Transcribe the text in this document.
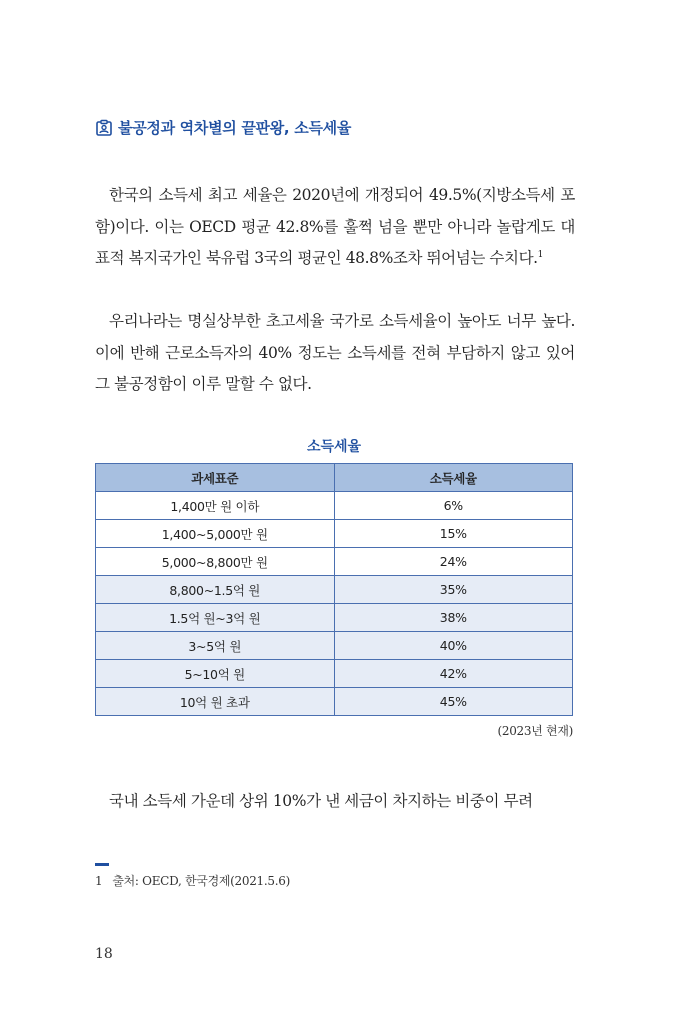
불공정과 역차별의 끝판왕, 소득세율

한국의 소득세 최고 세율은 2020년에 개정되어 49.5%(지방소득세 포함)이다. 이는 OECD 평균 42.8%를 훌쩍 넘을 뿐만 아니라 놀랍게도 대표적 복지국가인 북유럽 3국의 평균인 48.8%조차 뛰어넘는 수치다.$^1$

우리나라는 명실상부한 초고세율 국가로 소득세율이 높아도 너무 높다. 이에 반해 근로소득자의 40% 정도는 소득세를 전혀 부담하지 않고 있어 그 불공정함이 이루 말할 수 없다.

소득세율
과세표준	소득세율
1,400만 원 이하	6%
1,400~5,000만 원	15%
5,000~8,800만 원	24%
8,800~1.5억 원	35%
1.5억 원~3억 원	38%
3~5억 원	40%
5~10억 원	42%
10억 원 초과	45%
(2023년 현재)

국내 소득세 가운데 상위 10%가 낸 세금이 차지하는 비중이 무려

1 출처: OECD, 한국경제(2021.5.6)
18
